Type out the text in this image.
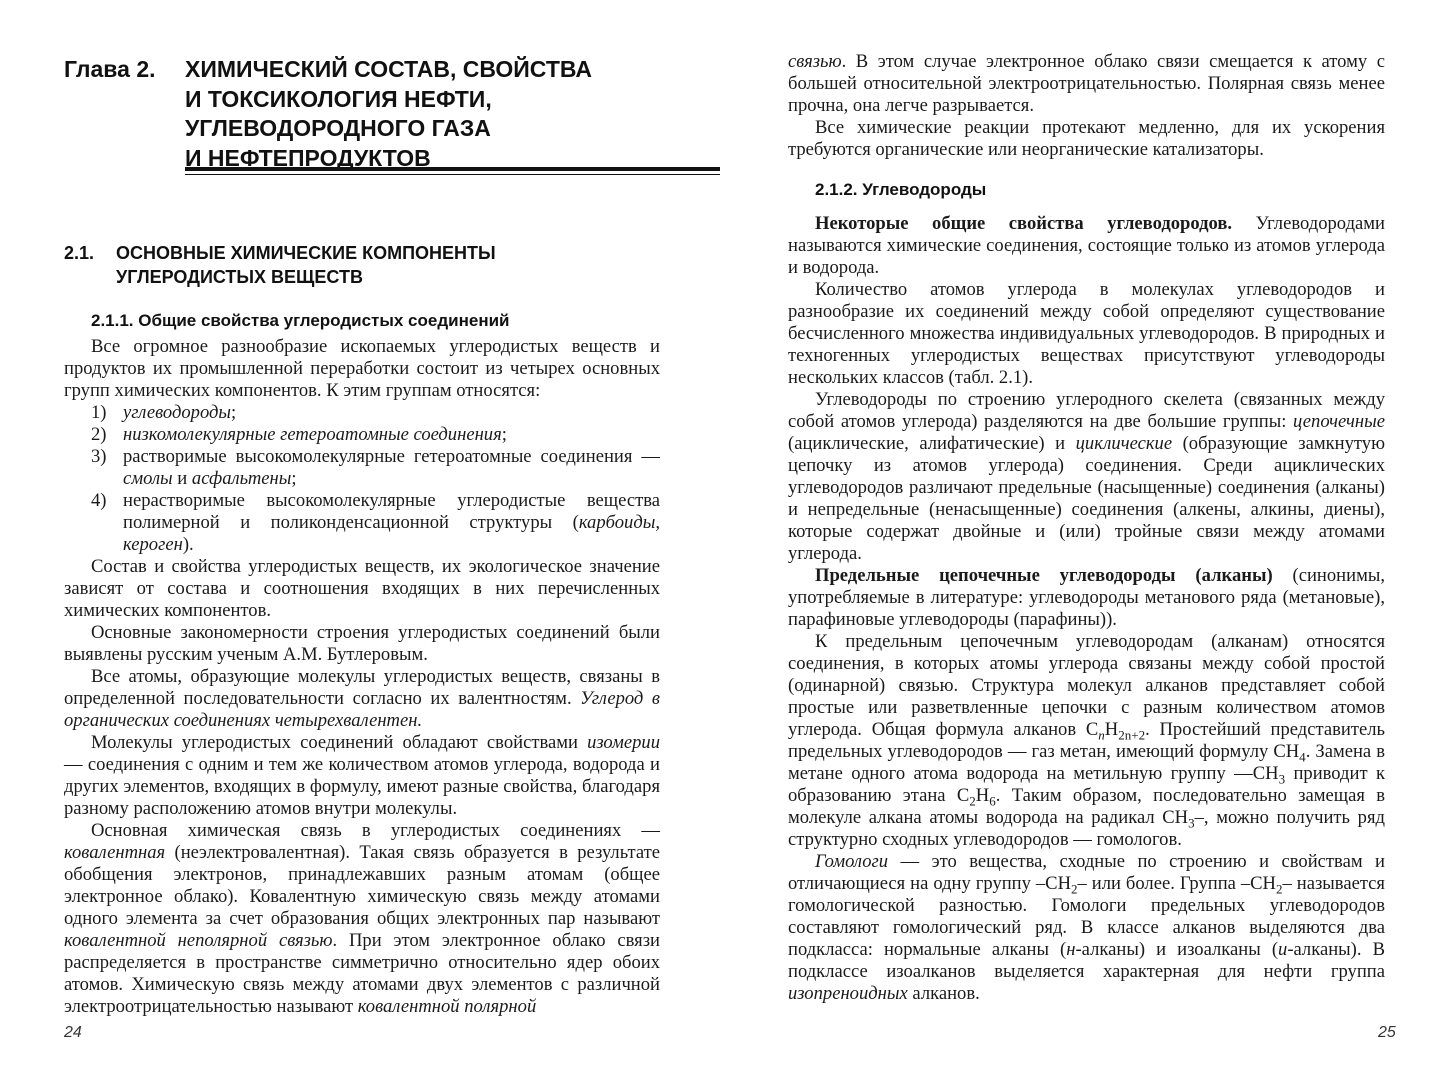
Глава 2. ХИМИЧЕСКИЙ СОСТАВ, СВОЙСТВА
И ТОКСИКОЛОГИЯ НЕФТИ,
УГЛЕВОДОРОДНОГО ГАЗА
И НЕФТЕПРОДУКТОВ
2.1. ОСНОВНЫЕ ХИМИЧЕСКИЕ КОМПОНЕНТЫ
УГЛЕРОДИСТЫХ ВЕЩЕСТВ
2.1.1. Общие свойства углеродистых соединений

Все огромное разнообразие ископаемых углеродистых веществ и продуктов их промышленной переработки состоит из четырех основных групп химических компонентов. К этим группам относятся:

1) углеводороды;
2) низкомолекулярные гетероатомные соединения;
3) растворимые высокомолекулярные гетероатомные соединения — смолы и асфальтены;
4) нерастворимые высокомолекулярные углеродистые вещества полимерной и поликонденсационной структуры (карбоиды, кероген).

Состав и свойства углеродистых веществ, их экологическое значение зависят от состава и соотношения входящих в них перечисленных химических компонентов.

Основные закономерности строения углеродистых соединений были выявлены русским ученым А.М. Бутлеровым.

Все атомы, образующие молекулы углеродистых веществ, связаны в определенной последовательности согласно их валентностям. Углерод в органических соединениях четырехвалентен.

Молекулы углеродистых соединений обладают свойствами изомерии — соединения с одним и тем же количеством атомов углерода, водорода и других элементов, входящих в формулу, имеют разные свойства, благодаря разному расположению атомов внутри молекулы.

Основная химическая связь в углеродистых соединениях — ковалентная (неэлектровалентная). Такая связь образуется в результате обобщения электронов, принадлежавших разным атомам (общее электронное облако). Ковалентную химическую связь между атомами одного элемента за счет образования общих электронных пар называют ковалентной неполярной связью. При этом электронное облако связи распределяется в пространстве симметрично относительно ядер обоих атомов. Химическую связь между атомами двух элементов с различной электроотрицательностью называют ковалентной полярной

24

связью. В этом случае электронное облако связи смещается к атому с большей относительной электроотрицательностью. Полярная связь менее прочна, она легче разрывается.

Все химические реакции протекают медленно, для их ускорения требуются органические или неорганические катализаторы.

2.1.2. Углеводороды

Некоторые общие свойства углеводородов. Углеводородами называются химические соединения, состоящие только из атомов углерода и водорода.

Количество атомов углерода в молекулах углеводородов и разнообразие их соединений между собой определяют существование бесчисленного множества индивидуальных углеводородов. В природных и техногенных углеродистых веществах присутствуют углеводороды нескольких классов (табл. 2.1).

Углеводороды по строению углеродного скелета (связанных между собой атомов углерода) разделяются на две большие группы: цепочечные (ациклические, алифатические) и циклические (образующие замкнутую цепочку из атомов углерода) соединения. Среди ациклических углеводородов различают предельные (насыщенные) соединения (алканы) и непредельные (ненасыщенные) соединения (алкены, алкины, диены), которые содержат двойные и (или) тройные связи между атомами углерода.

Предельные цепочечные углеводороды (алканы) (синонимы, употребляемые в литературе: углеводороды метанового ряда (метановые), парафиновые углеводороды (парафины)).

К предельным цепочечным углеводородам (алканам) относятся соединения, в которых атомы углерода связаны между собой простой (одинарной) связью. Структура молекул алканов представляет собой простые или разветвленные цепочки с разным количеством атомов углерода. Общая формула алканов $C_nH_{2n+2}$. Простейший представитель предельных углеводородов — газ метан, имеющий формулу $CH_4$. Замена в метане одного атома водорода на метильную группу $—CH_3$ приводит к образованию этана $C_2H_6$. Таким образом, последовательно замещая в молекуле алкана атомы водорода на радикал $CH_3-$, можно получить ряд структурно сходных углеводородов — гомологов.

Гомологи — это вещества, сходные по строению и свойствам и отличающиеся на одну группу $-CH_2-$ или более. Группа $-CH_2-$ называется гомологической разностью. Гомологи предельных углеводородов составляют гомологический ряд. В классе алканов выделяются два подкласса: нормальные алканы (н-алканы) и изоалканы (и-алканы). В подклассе изоалканов выделяется характерная для нефти группа изопреноидных алканов.

25
